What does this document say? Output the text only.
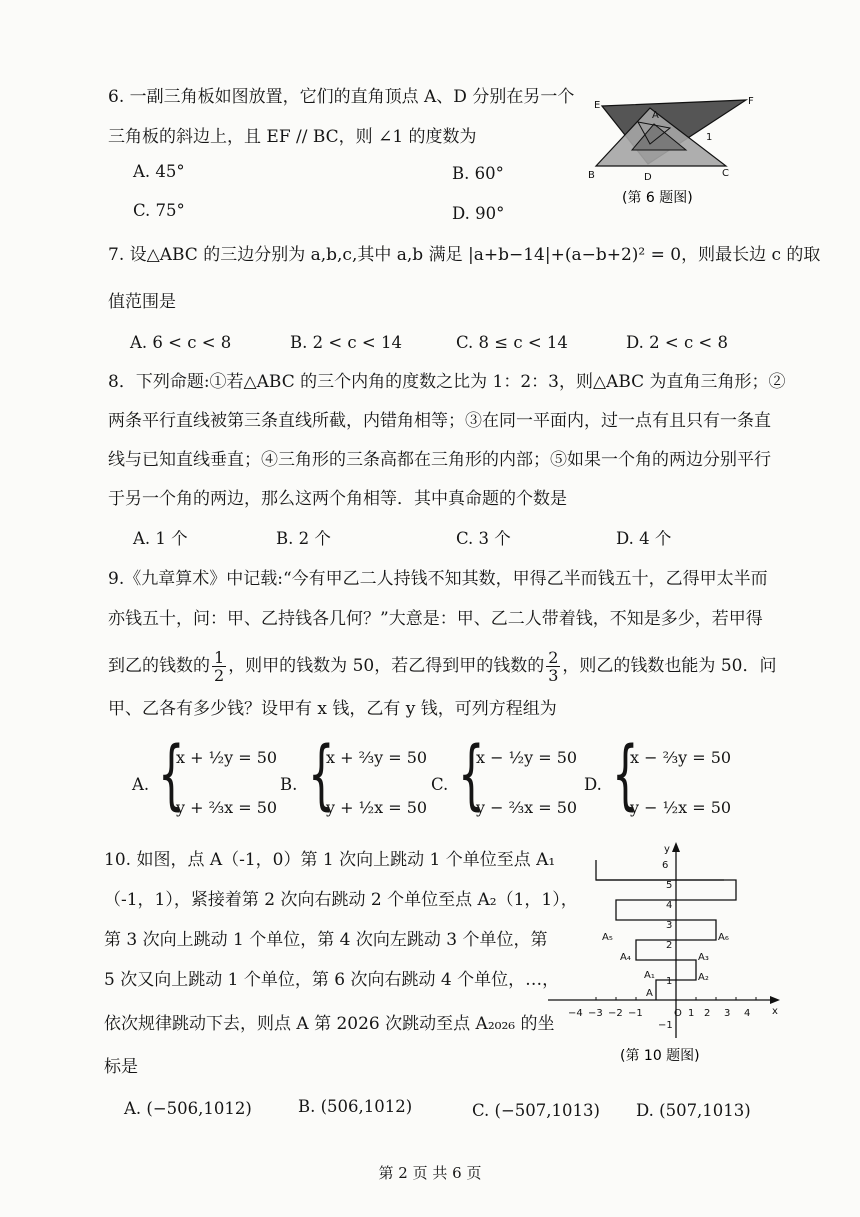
6. 一副三角板如图放置，它们的直角顶点 A、D 分别在另一个
三角板的斜边上，且 EF // BC，则 ∠1 的度数为
A. 45°	B. 60°
C. 75°	D. 90°
E	F
A
1
B	D	C
(第 6 题图)
7. 设△ABC 的三边分别为 a,b,c,其中 a,b 满足 |a+b−14|+(a−b+2)² = 0，则最长边 c 的取
值范围是
A. 6 < c < 8	B. 2 < c < 14	C. 8 ≤ c < 14	D. 2 < c < 8
8．下列命题:①若△ABC 的三个内角的度数之比为 1：2：3，则△ABC 为直角三角形；②
两条平行直线被第三条直线所截，内错角相等；③在同一平面内，过一点有且只有一条直
线与已知直线垂直；④三角形的三条高都在三角形的内部；⑤如果一个角的两边分别平行
于另一个角的两边，那么这两个角相等．其中真命题的个数是
A. 1 个	B. 2 个	C. 3 个	D. 4 个
9.《九章算术》中记载:“今有甲乙二人持钱不知其数，甲得乙半而钱五十，乙得甲太半而
亦钱五十，问：甲、乙持钱各几何？”大意是：甲、乙二人带着钱，不知是多少，若甲得
到乙的钱数的 $\frac{1}{2}$ ，则甲的钱数为 50，若乙得到甲的钱数的 $\frac{2}{3}$ ，则乙的钱数也能为 50．问
甲、乙各有多少钱？设甲有 x 钱，乙有 y 钱，可列方程组为
A. {
x + ½y = 50
y + ⅔x = 50
B. {
x + ⅔y = 50
y + ½x = 50
C. {
x − ½y = 50
y − ⅔x = 50
D. {
x − ⅔y = 50
y − ½x = 50
10. 如图，点 A（-1，0）第 1 次向上跳动 1 个单位至点 A₁
（-1，1），紧接着第 2 次向右跳动 2 个单位至点 A₂（1，1），
第 3 次向上跳动 1 个单位，第 4 次向左跳动 3 个单位，第
5 次又向上跳动 1 个单位，第 6 次向右跳动 4 个单位，…，
依次规律跳动下去，则点 A 第 2026 次跳动至点 A₂₀₂₆ 的坐
标是
y
x
−4 −3 −2 −1	O 1 2 3 4
6
5
4
3
2
1
−1
A
A₁	A₂
A₃
A₄
A₅	A₆
(第 10 题图)
A. (−506,1012)	B. (506,1012)	C. (−507,1013) D. (507,1013)
第 2 页 共 6 页
